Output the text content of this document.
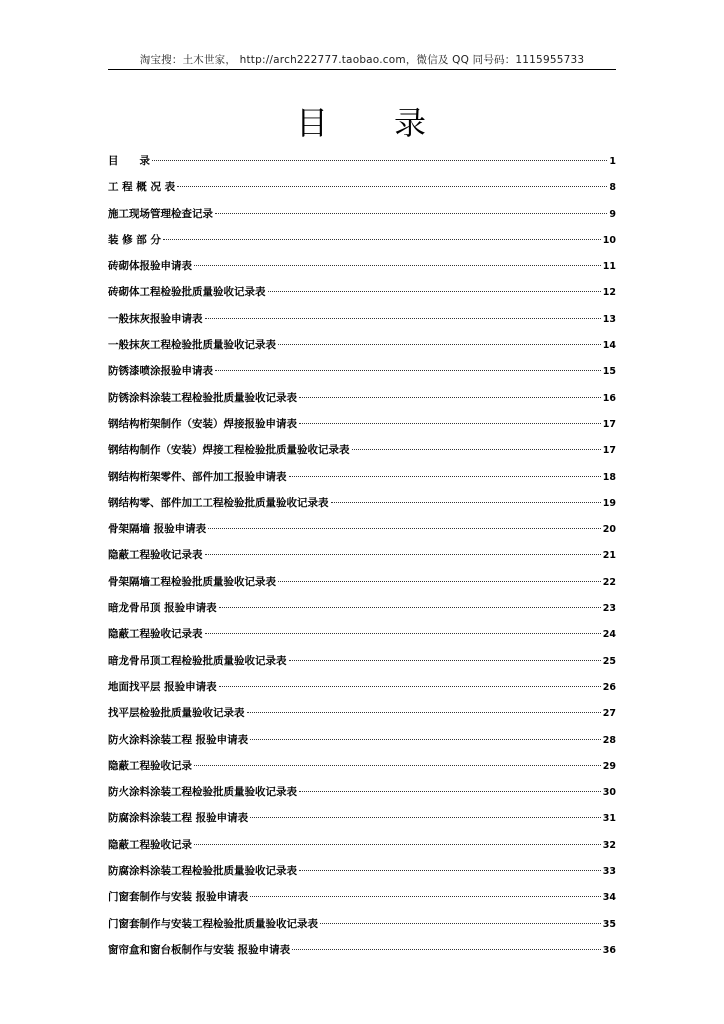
淘宝搜：土木世家， http://arch222777.taobao.com，微信及 QQ 同号码：1115955733
目 录
目　　录	1
工 程 概 况 表	8
施工现场管理检查记录	9
装 修 部 分	10
砖砌体报验申请表	11
砖砌体工程检验批质量验收记录表	12
一般抹灰报验申请表	13
一般抹灰工程检验批质量验收记录表	14
防锈漆喷涂报验申请表	15
防锈涂料涂装工程检验批质量验收记录表	16
钢结构桁架制作（安装）焊接报验申请表	17
钢结构制作（安装）焊接工程检验批质量验收记录表	17
钢结构桁架零件、部件加工报验申请表	18
钢结构零、部件加工工程检验批质量验收记录表	19
骨架隔墙 报验申请表	20
隐蔽工程验收记录表	21
骨架隔墙工程检验批质量验收记录表	22
暗龙骨吊顶 报验申请表	23
隐蔽工程验收记录表	24
暗龙骨吊顶工程检验批质量验收记录表	25
地面找平层 报验申请表	26
找平层检验批质量验收记录表	27
防火涂料涂装工程 报验申请表	28
隐蔽工程验收记录	29
防火涂料涂装工程检验批质量验收记录表	30
防腐涂料涂装工程 报验申请表	31
隐蔽工程验收记录	32
防腐涂料涂装工程检验批质量验收记录表	33
门窗套制作与安装 报验申请表	34
门窗套制作与安装工程检验批质量验收记录表	35
窗帘盒和窗台板制作与安装 报验申请表	36
